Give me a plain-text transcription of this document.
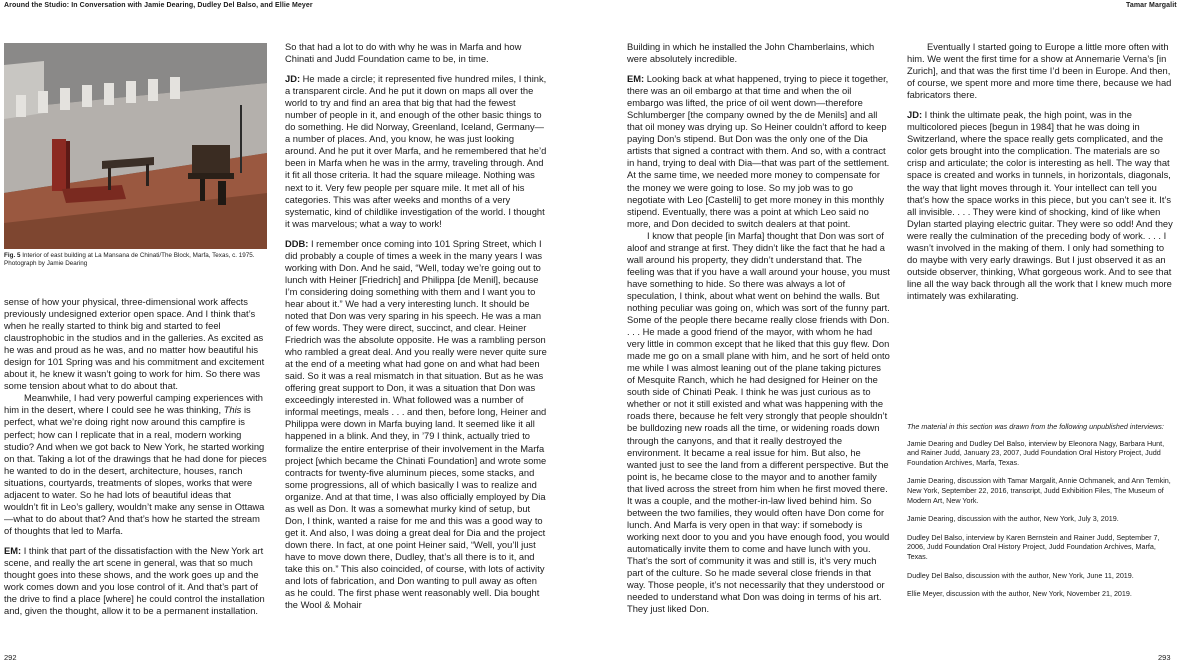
Around the Studio: In Conversation with Jamie Dearing, Dudley Del Balso, and Ellie Meyer	Tamar Margalit
Fig. 5 Interior of east building at La Mansana de Chinati/The Block, Marfa, Texas, c. 1975. Photograph by Jamie Dearing

sense of how your physical, three-dimensional work affects previously undesigned exterior open space. And I think that’s when he really started to think big and started to feel claustrophobic in the studios and in the galleries. As excited as he was and proud as he was, and no matter how beautiful his design for 101 Spring was and his commitment and excitement about it, he knew it wasn’t going to work for him. So there was some tension about what to do about that.

Meanwhile, I had very powerful camping experiences with him in the desert, where I could see he was thinking, This is perfect, what we’re doing right now around this campfire is perfect; how can I replicate that in a real, modern working studio? And when we got back to New York, he started working on that. Taking a lot of the drawings that he had done for pieces he wanted to do in the desert, architecture, houses, ranch situations, courtyards, treatments of slopes, works that were adjacent to water. So he had lots of beautiful ideas that wouldn’t fit in Leo’s gallery, wouldn’t make any sense in Ottawa—what to do about that? And that’s how he started the stream of thoughts that led to Marfa.

EM: I think that part of the dissatisfaction with the New York art scene, and really the art scene in general, was that so much thought goes into these shows, and the work goes up and the work comes down and you lose control of it. And that’s part of the drive to find a place [where] he could control the installation and, given the thought, allow it to be a permanent installation.

So that had a lot to do with why he was in Marfa and how Chinati and Judd Foundation came to be, in time.

JD: He made a circle; it represented five hundred miles, I think, a transparent circle. And he put it down on maps all over the world to try and find an area that big that had the fewest number of people in it, and enough of the other basic things to do something. He did Norway, Greenland, Iceland, Germany—a number of places. And, you know, he was just looking around. And he put it over Marfa, and he remembered that he’d been in Marfa when he was in the army, traveling through. And it fit all those criteria. It had the square mileage. Nothing was next to it. Very few people per square mile. It met all of his categories. This was after weeks and months of a very systematic, kind of childlike investigation of the world. I thought it was marvelous; what a way to work!

DDB: I remember once coming into 101 Spring Street, which I did probably a couple of times a week in the many years I was working with Don. And he said, “Well, today we’re going out to lunch with Heiner [Friedrich] and Philippa [de Menil], because I’m considering doing something with them and I want you to hear about it.” We had a very interesting lunch. It should be noted that Don was very sparing in his speech. He was a man of few words. They were direct, succinct, and clear. Heiner Friedrich was the absolute opposite. He was a rambling person who rambled a great deal. And you really were never quite sure at the end of a meeting what had gone on and what had been said. So it was a real mismatch in that situation. But as he was offering great support to Don, it was a situation that Don was exceedingly interested in. What followed was a number of informal meetings, meals . . . and then, before long, Heiner and Philippa were down in Marfa buying land. It seemed like it all happened in a blink. And they, in ’79 I think, actually tried to formalize the entire enterprise of their involvement in the Marfa project [which became the Chinati Foundation] and wrote some contracts for twenty-five aluminum pieces, some stacks, and some progressions, all of which basically I was to realize and organize. And at that time, I was also officially employed by Dia as well as Don. It was a somewhat murky kind of setup, but Don, I think, wanted a raise for me and this was a good way to get it. And also, I was doing a great deal for Dia and the project down there. In fact, at one point Heiner said, “Well, you’ll just have to move down there, Dudley, that’s all there is to it, and take this on.” This also coincided, of course, with lots of activity and lots of fabrication, and Don wanting to pull away as often as he could. The first phase went reasonably well. Dia bought the Wool & Mohair

Building in which he installed the John Chamberlains, which were absolutely incredible.

EM: Looking back at what happened, trying to piece it together, there was an oil embargo at that time and when the oil embargo was lifted, the price of oil went down—therefore Schlumberger [the company owned by the de Menils] and all that oil money was drying up. So Heiner couldn’t afford to keep paying Don’s stipend. But Don was the only one of the Dia artists that signed a contract with them. And so, with a contract in hand, trying to deal with Dia—that was part of the settlement. At the same time, we needed more money to compensate for the money we were going to lose. So my job was to go negotiate with Leo [Castelli] to get more money in this monthly stipend. Eventually, there was a point at which Leo said no more, and Don decided to switch dealers at that point.

I know that people [in Marfa] thought that Don was sort of aloof and strange at first. They didn’t like the fact that he had a wall around his property, they didn’t understand that. The feeling was that if you have a wall around your house, you must have something to hide. So there was always a lot of speculation, I think, about what went on behind the walls. But nothing peculiar was going on, which was sort of the funny part. Some of the people there became really close friends with Don. . . . He made a good friend of the mayor, with whom he had very little in common except that he liked that this guy flew. Don made me go on a small plane with him, and he sort of held onto me while I was almost leaning out of the plane taking pictures of Mesquite Ranch, which he had designed for Heiner on the south side of Chinati Peak. I think he was just curious as to whether or not it still existed and what was happening with the roads there, because he felt very strongly that people shouldn’t be bulldozing new roads all the time, or widening roads down through the canyons, and that it really destroyed the environment. It became a real issue for him. But also, he wanted just to see the land from a different perspective. But the point is, he became close to the mayor and to another family that lived across the street from him when he first moved there. It was a couple, and the mother-in-law lived behind him. So between the two families, they would often have Don come for lunch. And Marfa is very open in that way: if somebody is working next door to you and you have enough food, you would automatically invite them to come and have lunch with you. That’s the sort of community it was and still is, it’s very much part of the culture. So he made several close friends in that way. Those people, it’s not necessarily that they understood or needed to understand what Don was doing in terms of his art. They just liked Don.

Eventually I started going to Europe a little more often with him. We went the first time for a show at Annemarie Verna’s [in Zurich], and that was the first time I’d been in Europe. And then, of course, we spent more and more time there, because we had fabricators there.

JD: I think the ultimate peak, the high point, was in the multicolored pieces [begun in 1984] that he was doing in Switzerland, where the space really gets complicated, and the color gets brought into the complication. The materials are so crisp and articulate; the color is interesting as hell. The way that space is created and works in tunnels, in horizontals, diagonals, the way that light moves through it. Your intellect can tell you that’s how the space works in this piece, but you can’t see it. It’s all invisible. . . . They were kind of shocking, kind of like when Dylan started playing electric guitar. They were so odd! And they were really the culmination of the preceding body of work. . . . I wasn’t involved in the making of them. I only had something to do maybe with very early drawings. But I just observed it as an outside observer, thinking, What gorgeous work. And to see that line all the way back through all the work that I knew much more intimately was exhilarating.

The material in this section was drawn from the following unpublished interviews:

Jamie Dearing and Dudley Del Balso, interview by Eleonora Nagy, Barbara Hunt, and Rainer Judd, January 23, 2007, Judd Foundation Oral History Project, Judd Foundation Archives, Marfa, Texas.

Jamie Dearing, discussion with Tamar Margalit, Annie Ochmanek, and Ann Temkin, New York, September 22, 2016, transcript, Judd Exhibition Files, The Museum of Modern Art, New York.

Jamie Dearing, discussion with the author, New York, July 3, 2019.

Dudley Del Balso, interview by Karen Bernstein and Rainer Judd, September 7, 2006, Judd Foundation Oral History Project, Judd Foundation Archives, Marfa, Texas.

Dudley Del Balso, discussion with the author, New York, June 11, 2019.

Ellie Meyer, discussion with the author, New York, November 21, 2019.

292	293
